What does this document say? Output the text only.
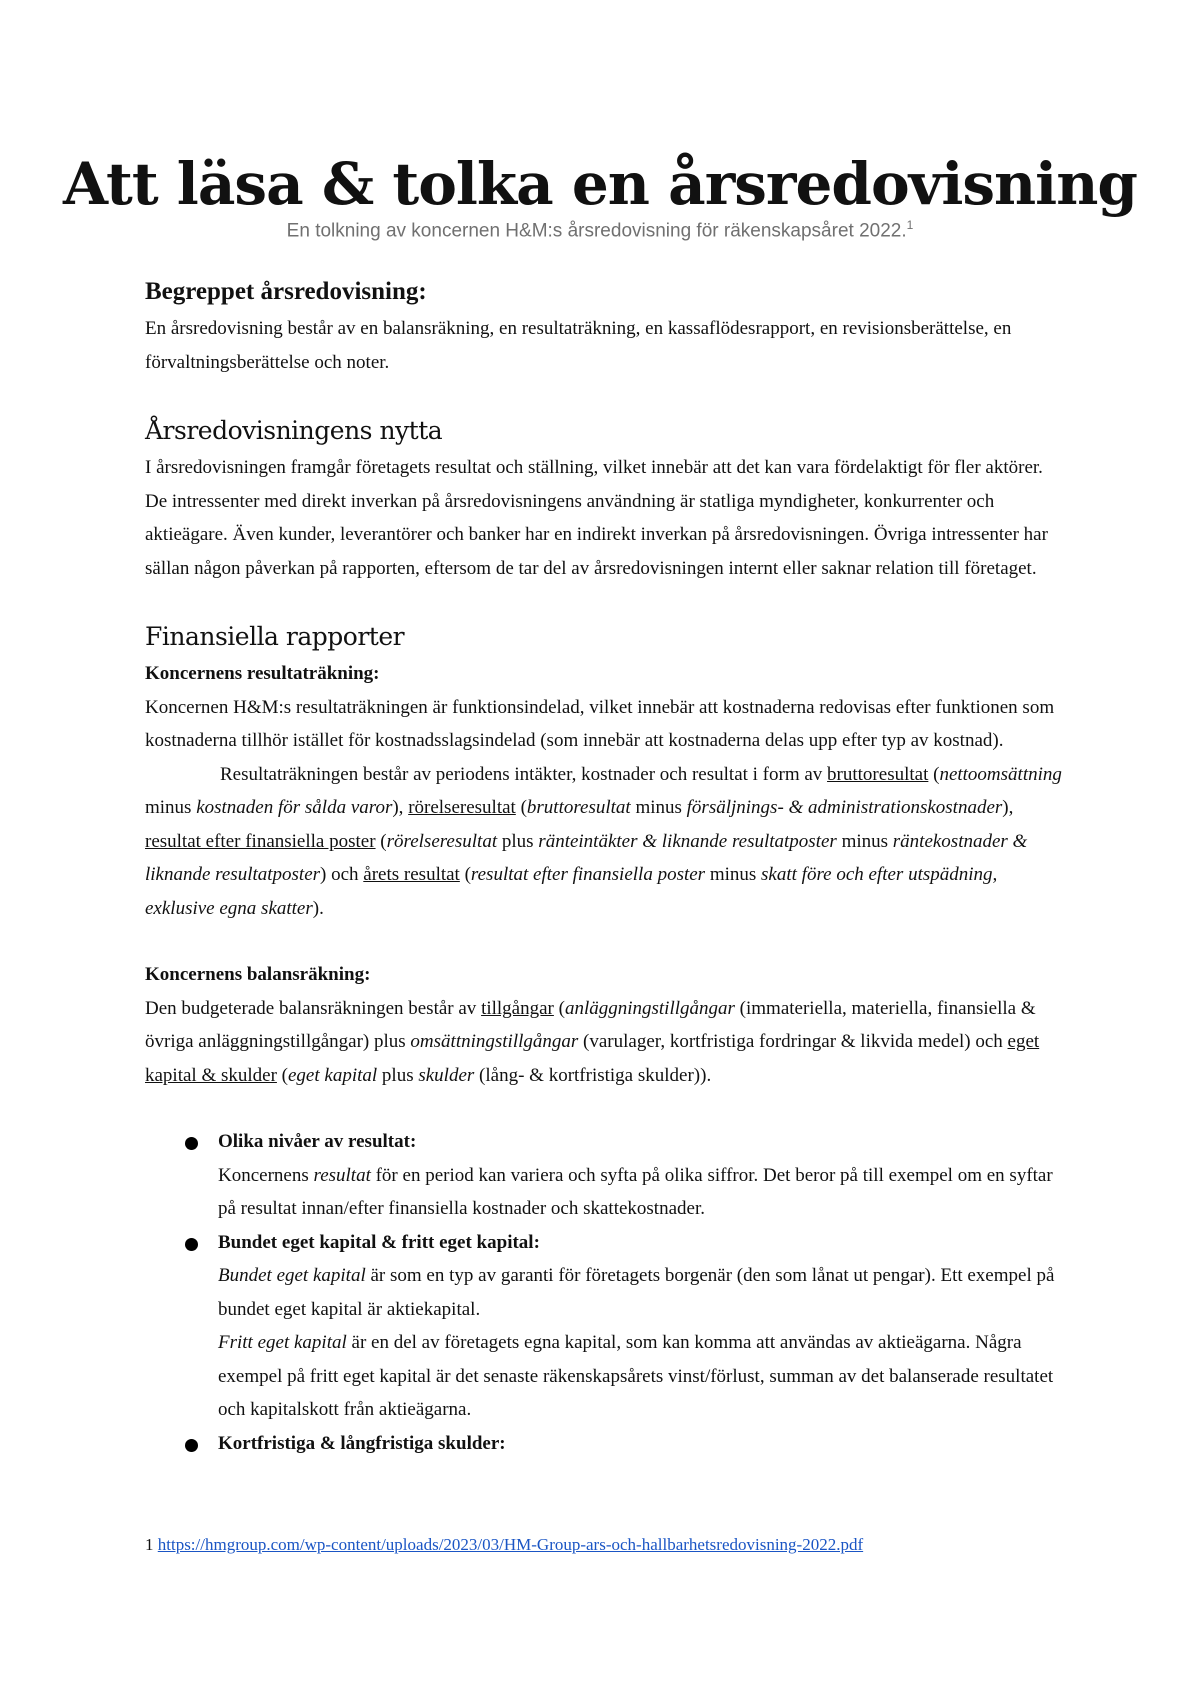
Att läsa & tolka en årsredovisning
En tolkning av koncernen H&M:s årsredovisning för räkenskapsåret 2022.$^1$
Begreppet årsredovisning:

En årsredovisning består av en balansräkning, en resultaträkning, en kassaflödesrapport, en revisionsberättelse, en förvaltningsberättelse och noter.

Årsredovisningens nytta

I årsredovisningen framgår företagets resultat och ställning, vilket innebär att det kan vara fördelaktigt för fler aktörer. De intressenter med direkt inverkan på årsredovisningens användning är statliga myndigheter, konkurrenter och aktieägare. Även kunder, leverantörer och banker har en indirekt inverkan på årsredovisningen. Övriga intressenter har sällan någon påverkan på rapporten, eftersom de tar del av årsredovisningen internt eller saknar relation till företaget.

Finansiella rapporter

Koncernens resultaträkning:

Koncernen H&M:s resultaträkningen är funktionsindelad, vilket innebär att kostnaderna redovisas efter funktionen som kostnaderna tillhör istället för kostnadsslagsindelad (som innebär att kostnaderna delas upp efter typ av kostnad).

Resultaträkningen består av periodens intäkter, kostnader och resultat i form av bruttoresultat (nettoomsättning minus kostnaden för sålda varor), rörelseresultat (bruttoresultat minus försäljnings- & administrationskostnader), resultat efter finansiella poster (rörelseresultat plus ränteintäkter & liknande resultatposter minus räntekostnader & liknande resultatposter) och årets resultat (resultat efter finansiella poster minus skatt före och efter utspädning, exklusive egna skatter).

Koncernens balansräkning:

Den budgeterade balansräkningen består av tillgångar (anläggningstillgångar (immateriella, materiella, finansiella & övriga anläggningstillgångar) plus omsättningstillgångar (varulager, kortfristiga fordringar & likvida medel) och eget kapital & skulder (eget kapital plus skulder (lång- & kortfristiga skulder)).

Olika nivåer av resultat:
Koncernens resultat för en period kan variera och syfta på olika siffror. Det beror på till exempel om en syftar på resultat innan/efter finansiella kostnader och skattekostnader.
Bundet eget kapital & fritt eget kapital:
Bundet eget kapital är som en typ av garanti för företagets borgenär (den som lånat ut pengar). Ett exempel på bundet eget kapital är aktiekapital.
Fritt eget kapital är en del av företagets egna kapital, som kan komma att användas av aktieägarna. Några exempel på fritt eget kapital är det senaste räkenskapsårets vinst/förlust, summan av det balanserade resultatet och kapitalskott från aktieägarna.
Kortfristiga & långfristiga skulder:
1 https://hmgroup.com/wp-content/uploads/2023/03/HM-Group-ars-och-hallbarhetsredovisning-2022.pdf
